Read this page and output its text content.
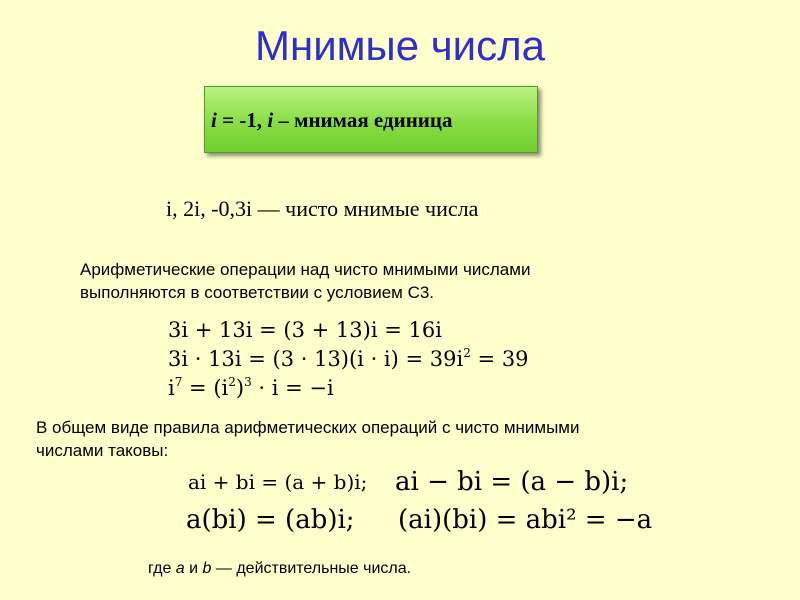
Мнимые числа
i = -1, i – мнимая единица
i, 2i, -0,3i — чисто мнимые числа
Арифметические операции над чисто мнимыми числами
выполняются в соответствии с условием С3.
3i + 13i = (3 + 13)i = 16i
$3i \cdot 13i = (3 \cdot 13)(i \cdot i) = 39i^2 = 39$
$i^7 = (i^2)^3 \cdot i = -i$
В общем виде правила арифметических операций с чисто мнимыми
числами таковы:
ai + bi = (a + b)i; ai − bi = (a − b)i;
a(bi) = (ab)i; (ai)(bi) = abi² = −a
где a и b — действительные числа.
